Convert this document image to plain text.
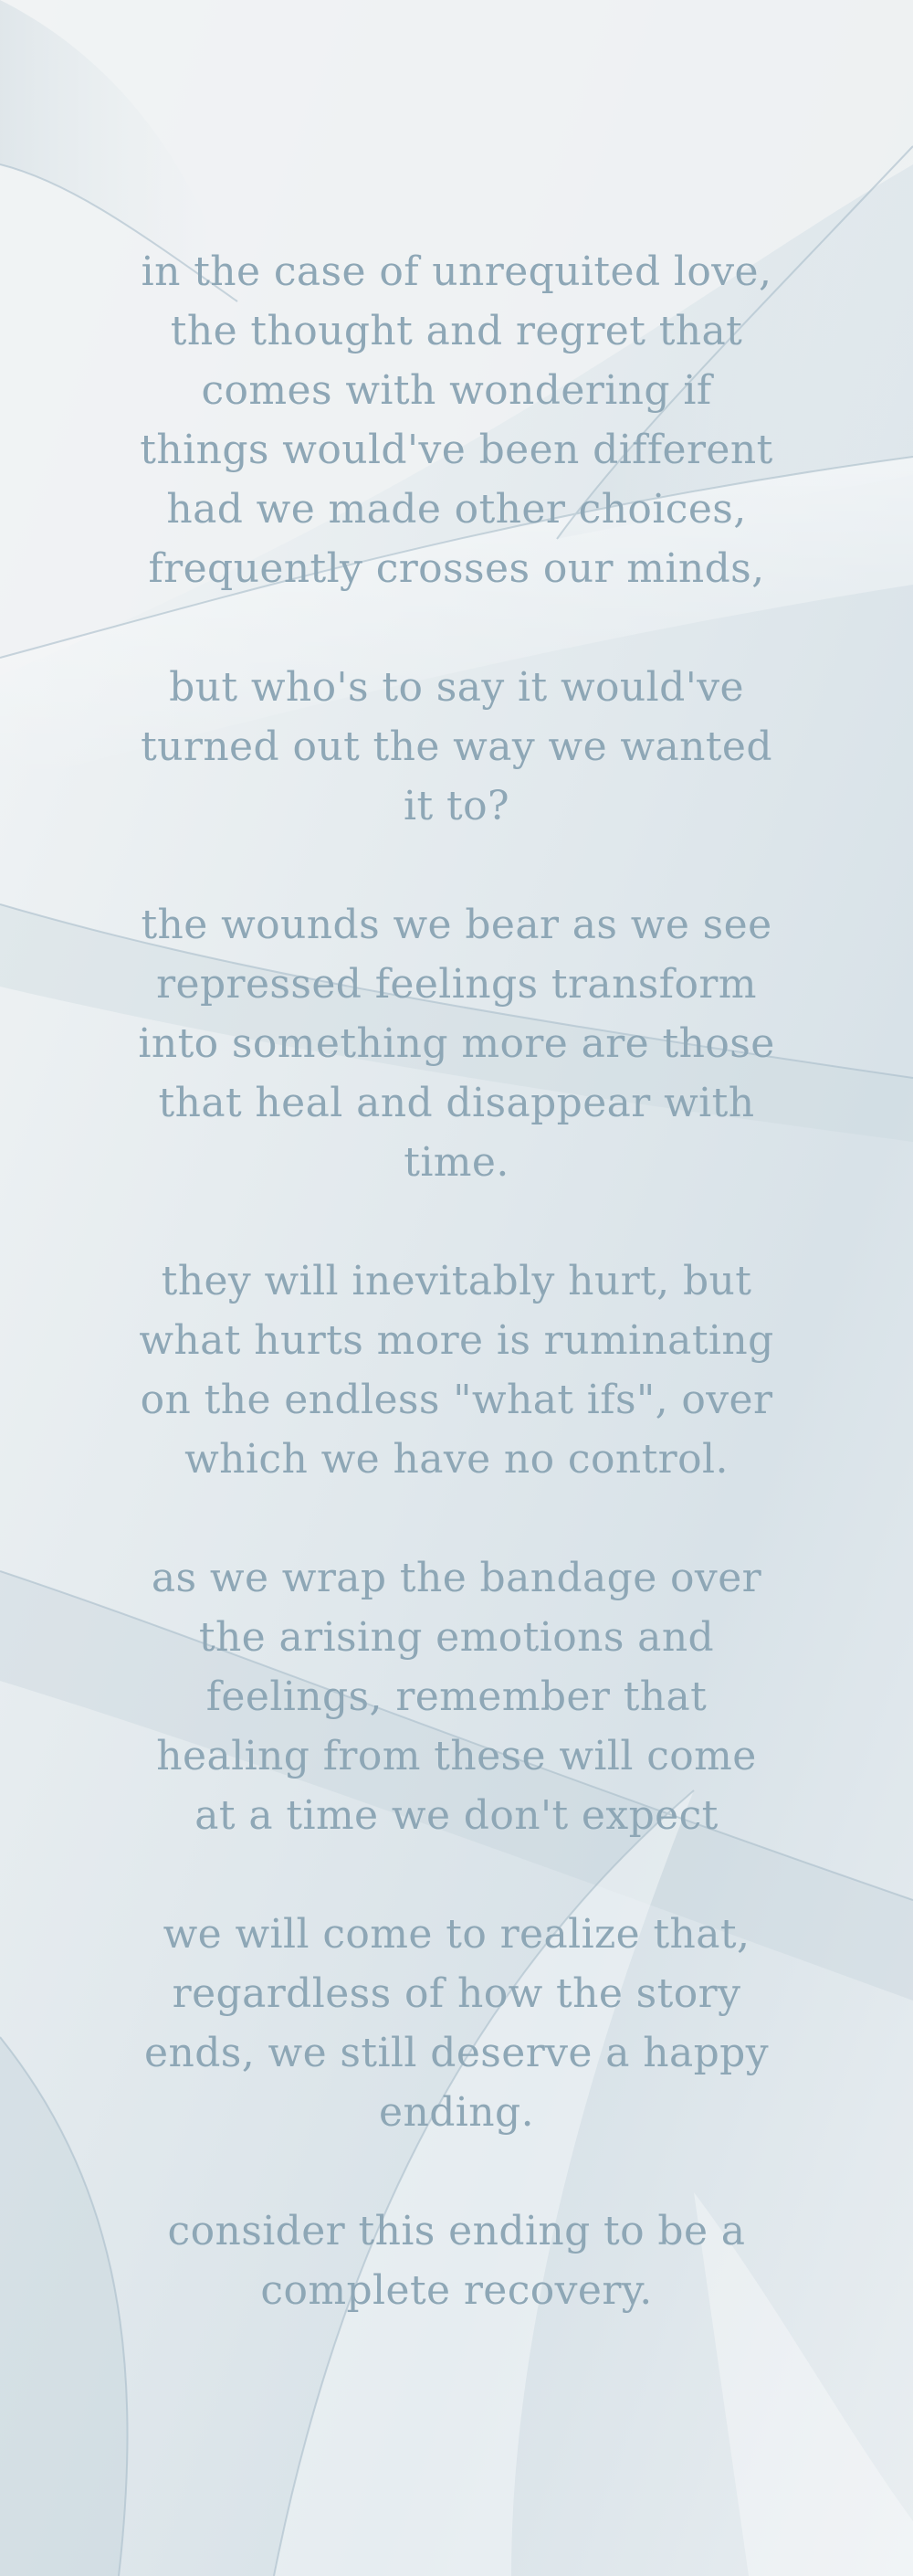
in the case of unrequited love,
the thought and regret that
comes with wondering if
things would've been different
had we made other choices,
frequently crosses our minds,
but who's to say it would've
turned out the way we wanted
it to?
the wounds we bear as we see
repressed feelings transform
into something more are those
that heal and disappear with
time.
they will inevitably hurt, but
what hurts more is ruminating
on the endless "what ifs", over
which we have no control.
as we wrap the bandage over
the arising emotions and
feelings, remember that
healing from these will come
at a time we don't expect
we will come to realize that,
regardless of how the story
ends, we still deserve a happy
ending.
consider this ending to be a
complete recovery.
